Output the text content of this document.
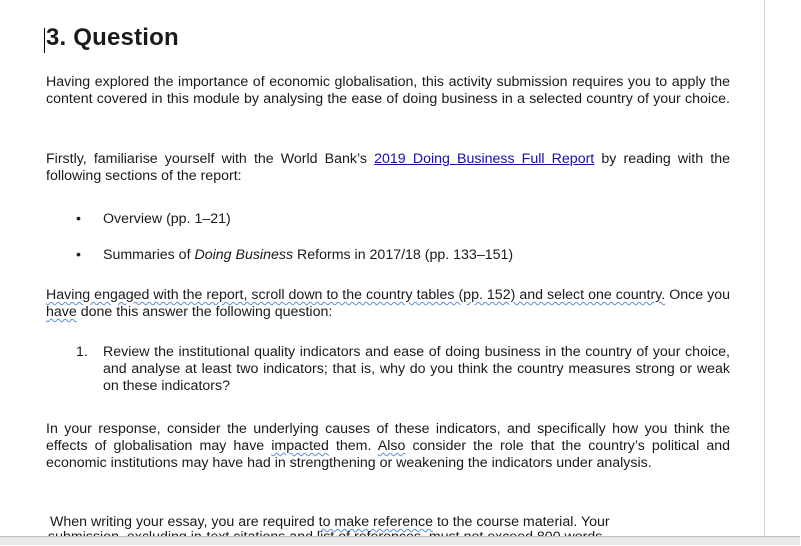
3. Question

Having explored the importance of economic globalisation, this activity submission requires you to apply the content covered in this module by analysing the ease of doing business in a selected country of your choice.

Firstly, familiarise yourself with the World Bank’s 2019 Doing Business Full Report by reading with the following sections of the report:

•	Overview (pp. 1–21)
•	Summaries of Doing Business Reforms in 2017/18 (pp. 133–151)

Having engaged with the report, scroll down to the country tables (pp. 152) and select one country. Once you have done this answer the following question:

1. Review the institutional quality indicators and ease of doing business in the country of your choice, and analyse at least two indicators; that is, why do you think the country measures strong or weak on these indicators?

In your response, consider the underlying causes of these indicators, and specifically how you think the effects of globalisation may have impacted them. Also consider the role that the country’s political and economic institutions may have had in strengthening or weakening the indicators under analysis.

When writing your essay, you are required to make reference to the course material. Your
